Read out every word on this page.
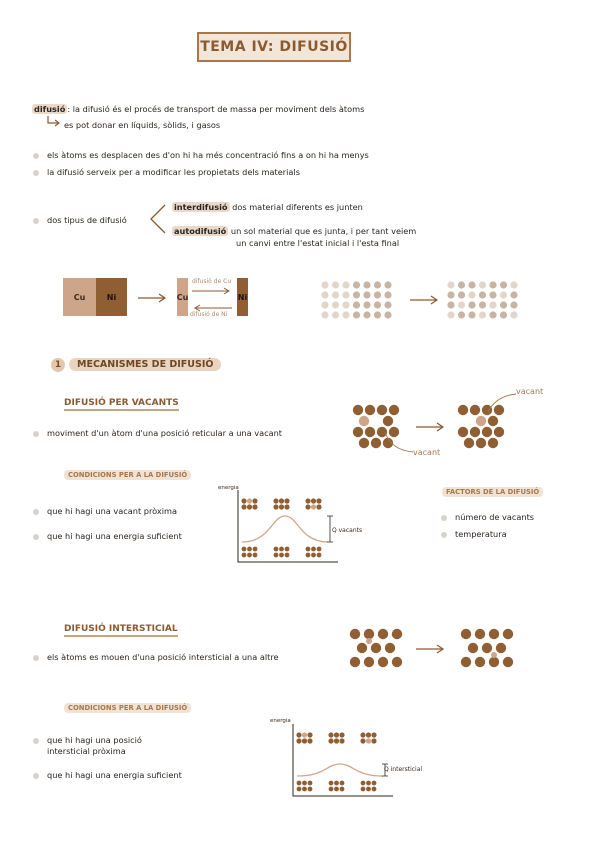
TEMA IV: DIFUSIÓ
difusió : la difusió és el procés de transport de massa per moviment dels àtoms
es pot donar en líquids, sòlids, i gasos
els àtoms es desplacen des d'on hi ha més concentració fins a on hi ha menys
la difusió serveix per a modificar les propietats dels materials
dos tipus de difusió
interdifusió dos material diferents es junten
autodifusió un sol material que es junta, i per tant veiem
un canvi entre l'estat inicial i l'esta final
Cu	Ni	Cu	Ni
difusió de Cu
difusió de Ni
1	MECANISMES DE DIFUSIÓ
DIFUSIÓ PER VACANTS
moviment d'un àtom d'una posició reticular a una vacant
vacant
vacant
CONDICIONS PER A LA DIFUSIÓ
que hi hagi una vacant pròxima
que hi hagi una energia suficient
energia
Q vacants
FACTORS DE LA DIFUSIÓ
número de vacants
temperatura
DIFUSIÓ INTERSTICIAL
els àtoms es mouen d'una posició intersticial a una altre
CONDICIONS PER A LA DIFUSIÓ
que hi hagi una posició
intersticial pròxima
que hi hagi una energia suficient
energia
Q intersticial
